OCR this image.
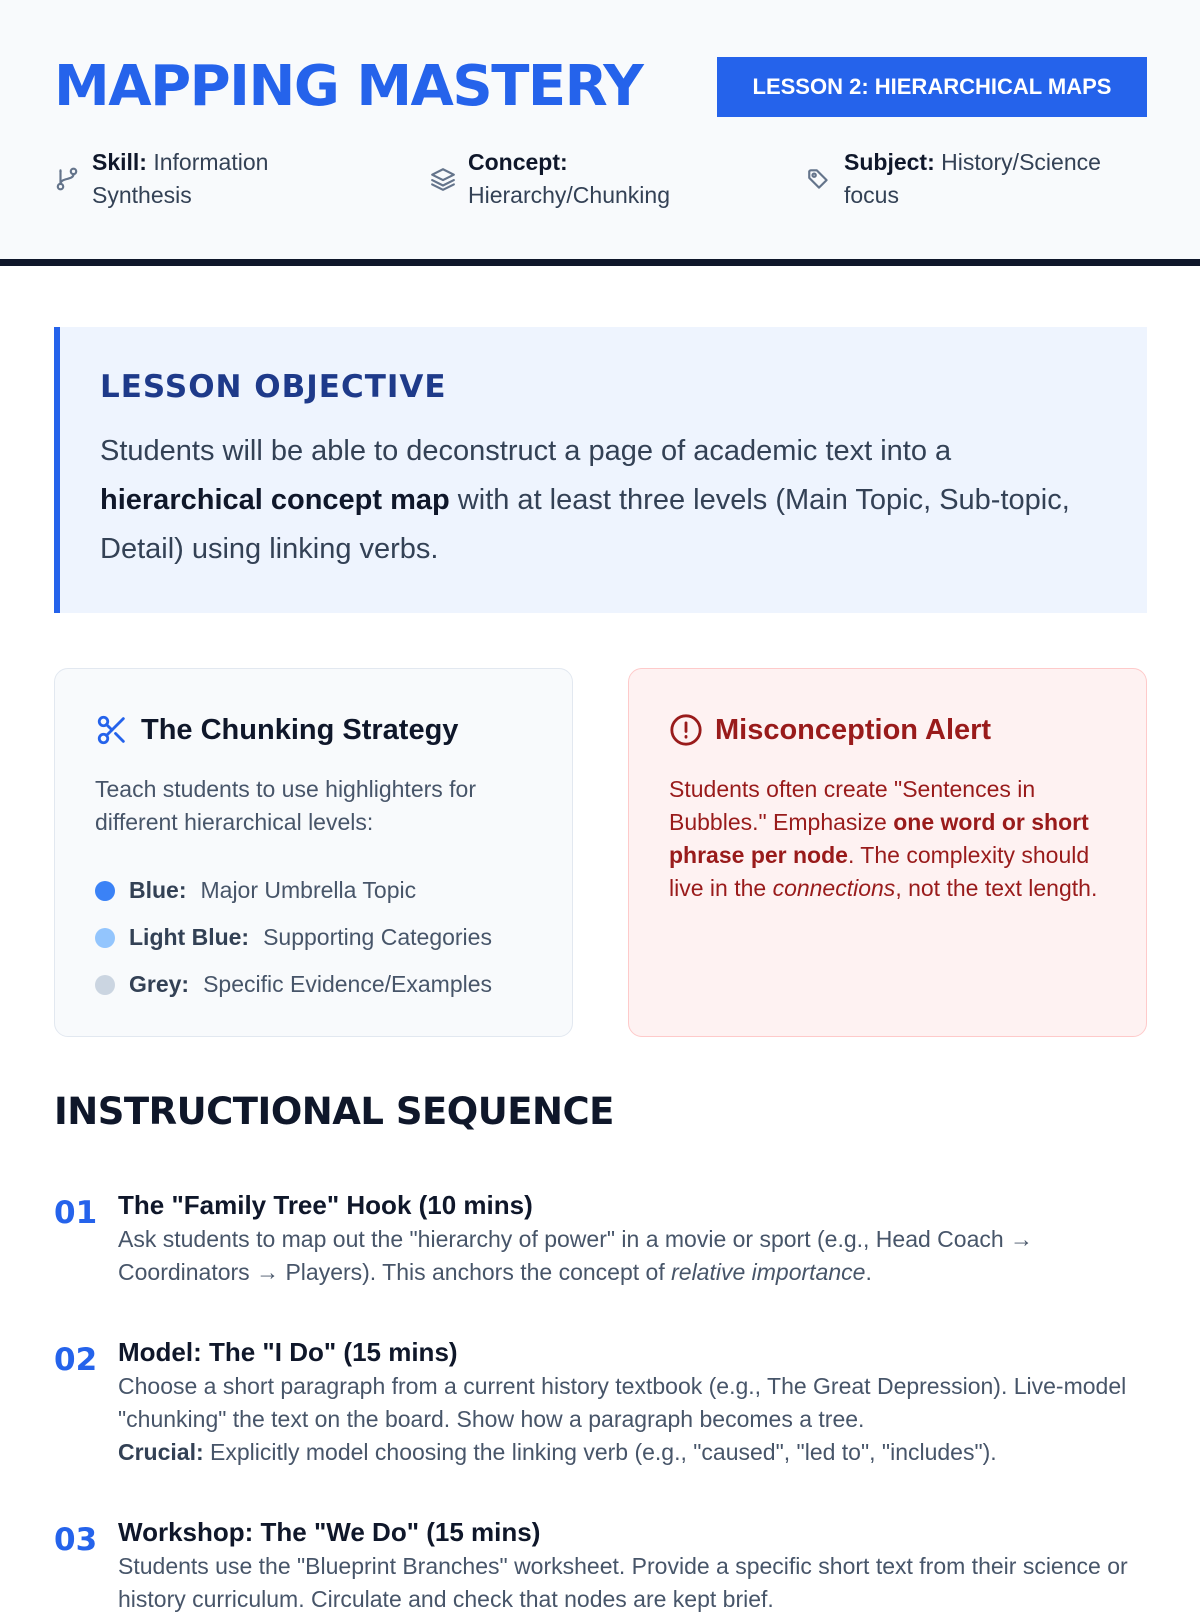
MAPPING MASTERY	LESSON 2: HIERARCHICAL MAPS
Skill: Information Synthesis
Concept: Hierarchy/Chunking
Subject: History/Science focus
LESSON OBJECTIVE

Students will be able to deconstruct a page of academic text into a hierarchical concept map with at least three levels (Main Topic, Sub-topic, Detail) using linking verbs.

The Chunking Strategy

Teach students to use highlighters for different hierarchical levels:

Blue: Major Umbrella Topic
Light Blue: Supporting Categories
Grey: Specific Evidence/Examples
Misconception Alert

Students often create "Sentences in Bubbles." Emphasize one word or short phrase per node. The complexity should live in the connections, not the text length.

INSTRUCTIONAL SEQUENCE
01 The "Family Tree" Hook (10 mins)

Ask students to map out the "hierarchy of power" in a movie or sport (e.g., Head Coach → Coordinators → Players). This anchors the concept of relative importance.

02 Model: The "I Do" (15 mins)

Choose a short paragraph from a current history textbook (e.g., The Great Depression). Live-model "chunking" the text on the board. Show how a paragraph becomes a tree.
Crucial: Explicitly model choosing the linking verb (e.g., "caused", "led to", "includes").

03 Workshop: The "We Do" (15 mins)

Students use the "Blueprint Branches" worksheet. Provide a specific short text from their science or history curriculum. Circulate and check that nodes are kept brief.
